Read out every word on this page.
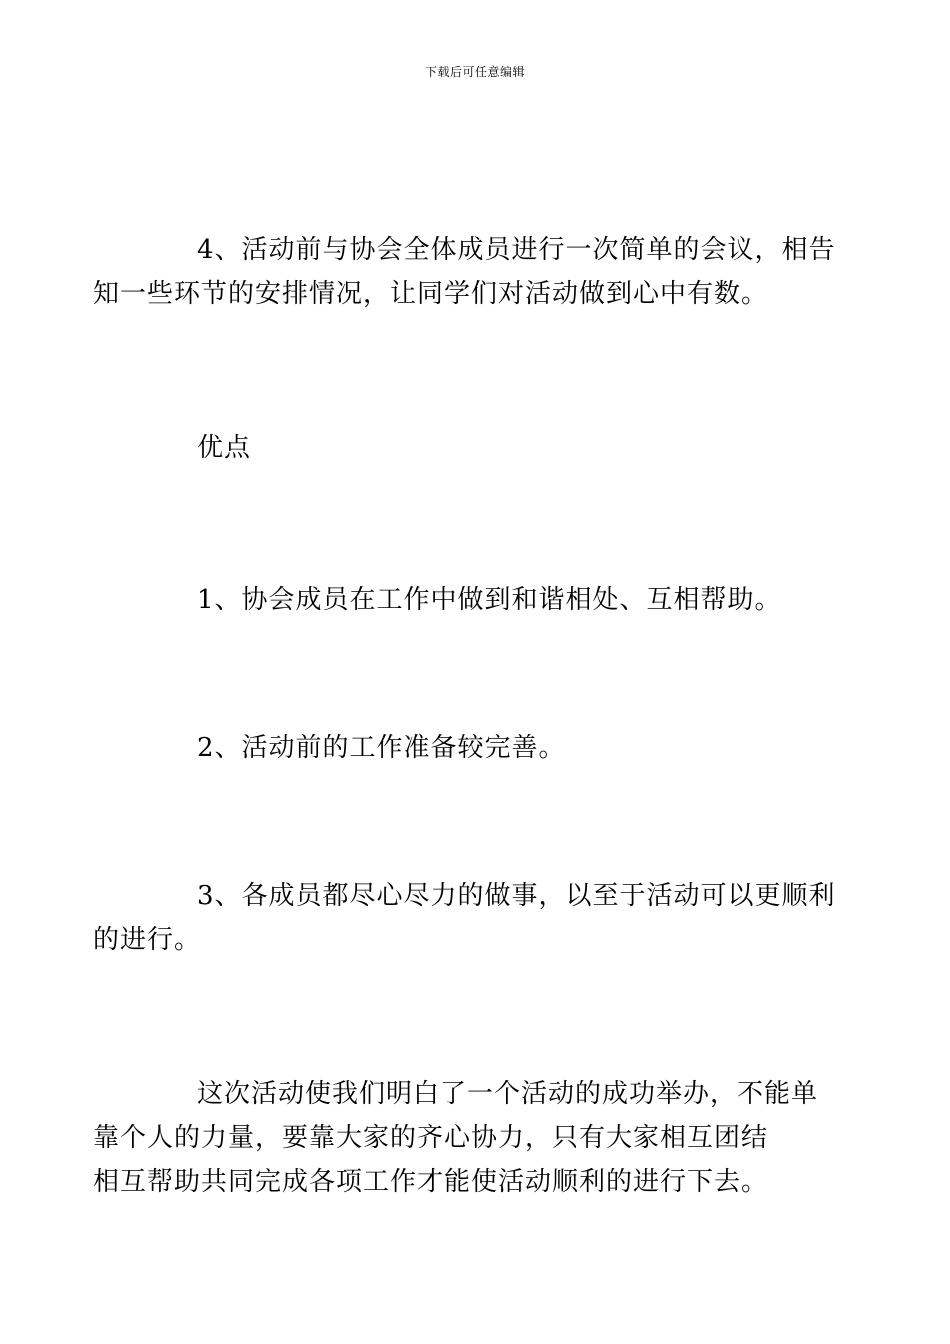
下载后可任意编辑

4、活动前与协会全体成员进行一次简单的会议，相告
知一些环节的安排情况，让同学们对活动做到心中有数。

优点

1、协会成员在工作中做到和谐相处、互相帮助。

2、活动前的工作准备较完善。

3、各成员都尽心尽力的做事，以至于活动可以更顺利
的进行。

这次活动使我们明白了一个活动的成功举办，不能单
靠个人的力量，要靠大家的齐心协力，只有大家相互团结
相互帮助共同完成各项工作才能使活动顺利的进行下去。
